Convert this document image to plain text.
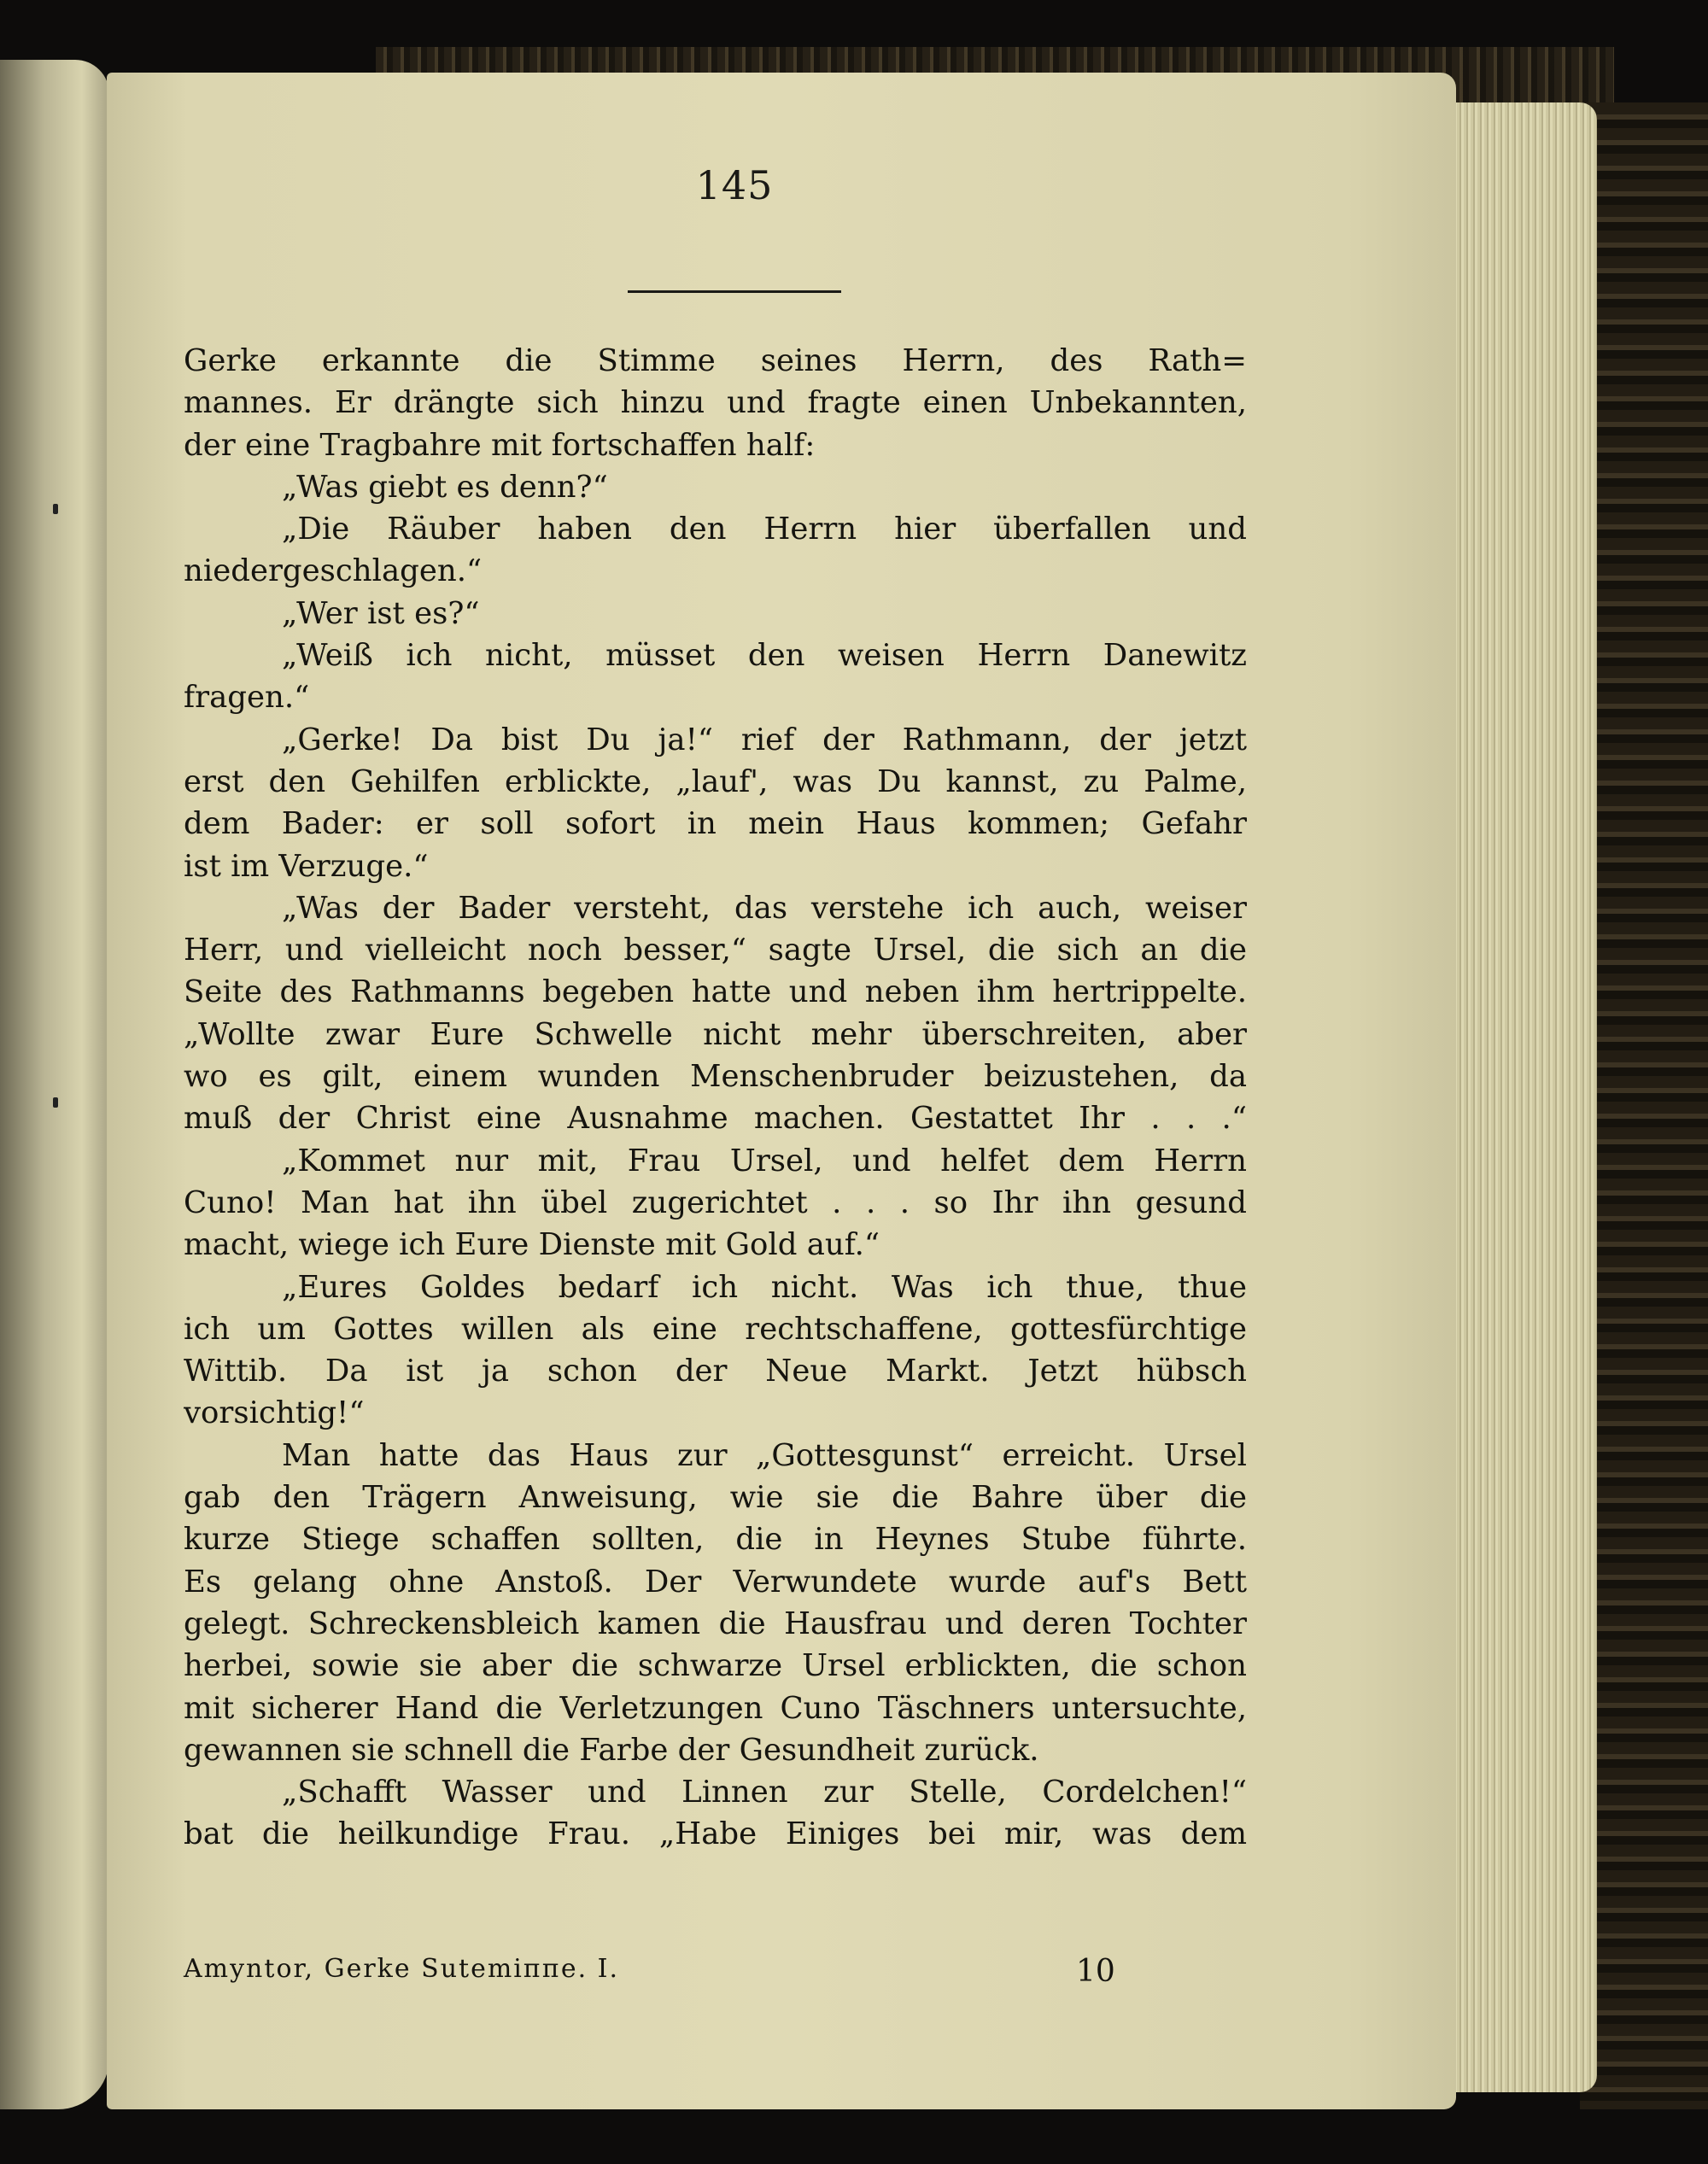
145
Gerke erkannte die Stimme seines Herrn, des Rath=
mannes. Er drängte sich hinzu und fragte einen Unbekannten,
der eine Tragbahre mit fortschaffen half:
„Was giebt es denn?“
„Die Räuber haben den Herrn hier überfallen und
niedergeschlagen.“
„Wer ist es?“
„Weiß ich nicht, müsset den weisen Herrn Danewitz
fragen.“
„Gerke! Da bist Du ja!“ rief der Rathmann, der jetzt
erst den Gehilfen erblickte, „lauf', was Du kannst, zu Palme,
dem Bader: er soll sofort in mein Haus kommen; Gefahr
ist im Verzuge.“
„Was der Bader versteht, das verstehe ich auch, weiser
Herr, und vielleicht noch besser,“ sagte Ursel, die sich an die
Seite des Rathmanns begeben hatte und neben ihm hertrippelte.
„Wollte zwar Eure Schwelle nicht mehr überschreiten, aber
wo es gilt, einem wunden Menschenbruder beizustehen, da
muß der Christ eine Ausnahme machen. Gestattet Ihr . . .“
„Kommet nur mit, Frau Ursel, und helfet dem Herrn
Cuno! Man hat ihn übel zugerichtet . . . so Ihr ihn gesund
macht, wiege ich Eure Dienste mit Gold auf.“
„Eures Goldes bedarf ich nicht. Was ich thue, thue
ich um Gottes willen als eine rechtschaffene, gottesfürchtige
Wittib. Da ist ja schon der Neue Markt. Jetzt hübsch
vorsichtig!“
Man hatte das Haus zur „Gottesgunst“ erreicht. Ursel
gab den Trägern Anweisung, wie sie die Bahre über die
kurze Stiege schaffen sollten, die in Heynes Stube führte.
Es gelang ohne Anstoß. Der Verwundete wurde auf's Bett
gelegt. Schreckensbleich kamen die Hausfrau und deren Tochter
herbei, sowie sie aber die schwarze Ursel erblickten, die schon
mit sicherer Hand die Verletzungen Cuno Täschners untersuchte,
gewannen sie schnell die Farbe der Gesundheit zurück.
„Schafft Wasser und Linnen zur Stelle, Cordelchen!“
bat die heilkundige Frau. „Habe Einiges bei mir, was dem
Amyntor, Gerke Sutemiппe. I.	10
